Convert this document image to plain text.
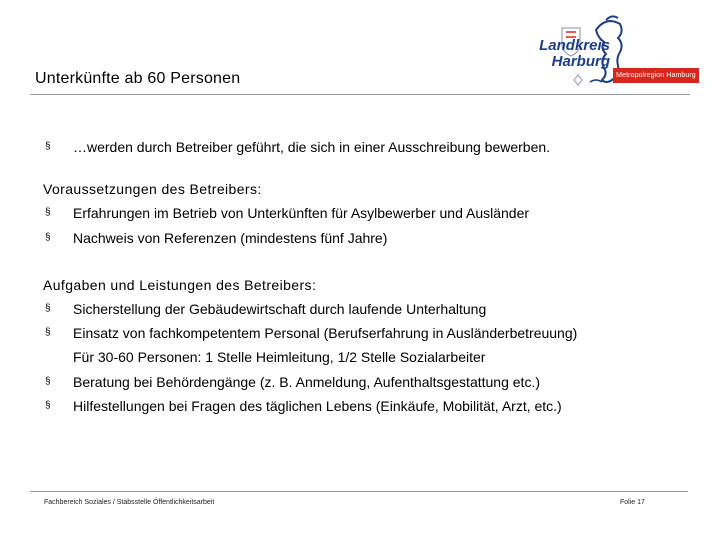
Unterkünfte ab 60 Personen
Landkreis
Harburg
Metropolregion Hamburg
§ …werden durch Betreiber geführt, die sich in einer Ausschreibung bewerben.
Voraussetzungen des Betreibers:
§ Erfahrungen im Betrieb von Unterkünften für Asylbewerber und Ausländer
§ Nachweis von Referenzen (mindestens fünf Jahre)
Aufgaben und Leistungen des Betreibers:
§ Sicherstellung der Gebäudewirtschaft durch laufende Unterhaltung
§ Einsatz von fachkompetentem Personal (Berufserfahrung in Ausländerbetreuung)
Für 30-60 Personen: 1 Stelle Heimleitung, 1/2 Stelle Sozialarbeiter
§ Beratung bei Behördengänge (z. B. Anmeldung, Aufenthaltsgestattung etc.)
§ Hilfestellungen bei Fragen des täglichen Lebens (Einkäufe, Mobilität, Arzt, etc.)
Fachbereich Soziales / Stabsstelle Öffentlichkeitsarbeit	Folie 17
